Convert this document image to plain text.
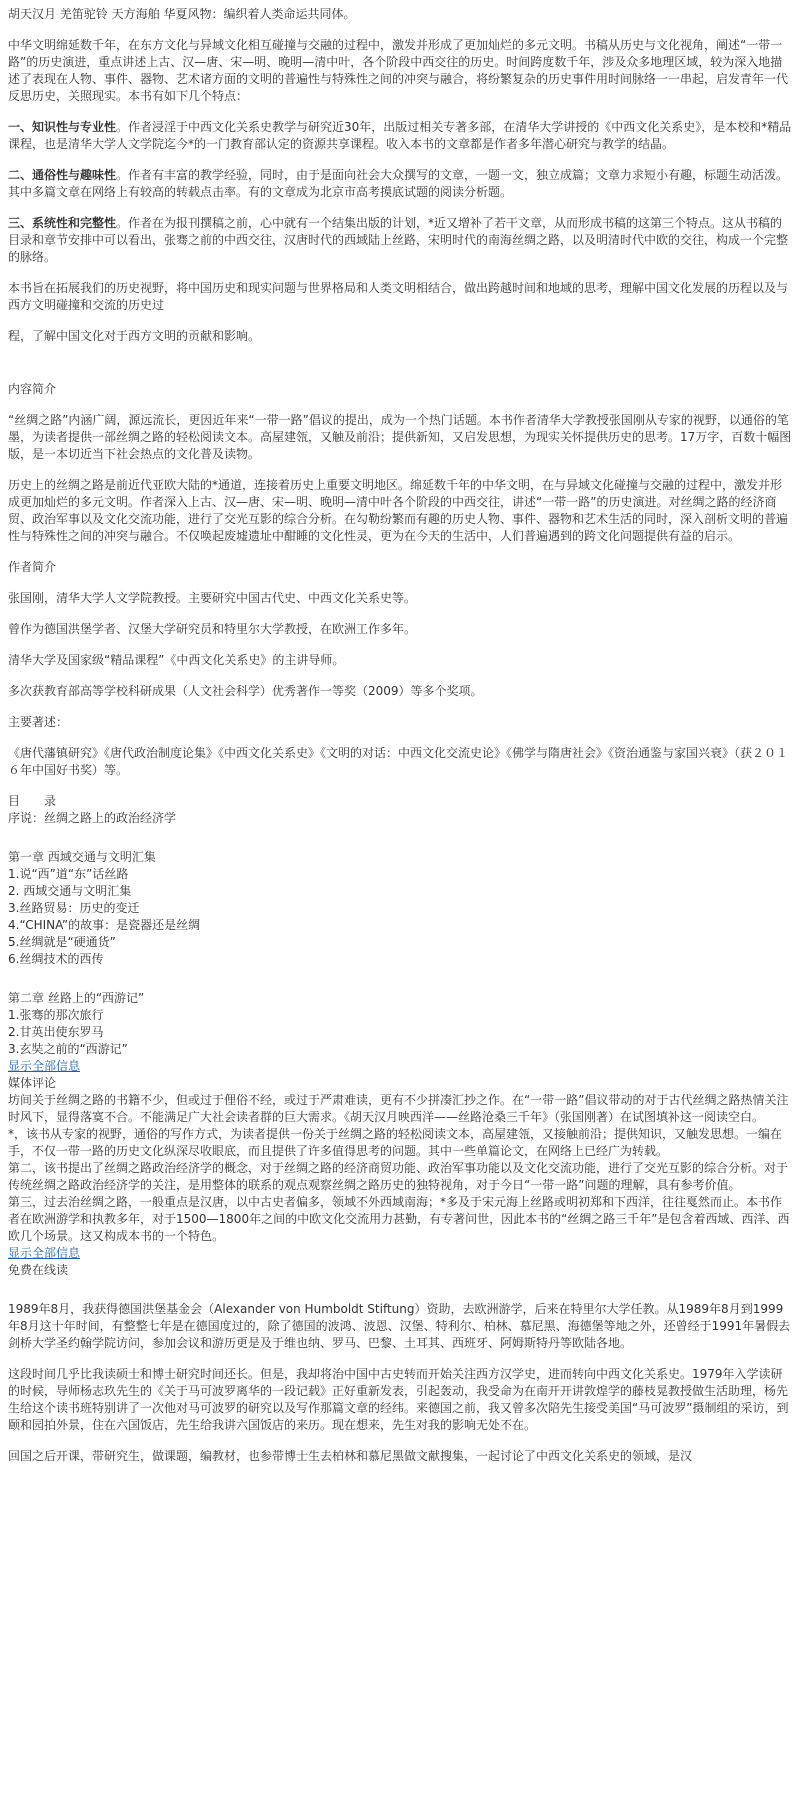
胡天汉月 羌笛驼铃 天方海舶 华夏风物：编织着人类命运共同体。

中华文明绵延数千年，在东方文化与异域文化相互碰撞与交融的过程中，激发并形成了更加灿烂的多元文明。书稿从历史与文化视角，阐述“一带一路”的历史演进，重点讲述上古、汉—唐、宋—明、晚明—清中叶，各个阶段中西交往的历史。时间跨度数千年，涉及众多地理区域，较为深入地描述了表现在人物、事件、器物、艺术诸方面的文明的普遍性与特殊性之间的冲突与融合，将纷繁复杂的历史事件用时间脉络一一串起，启发青年一代反思历史，关照现实。本书有如下几个特点：

一、知识性与专业性。作者浸淫于中西文化关系史教学与研究近30年，出版过相关专著多部，在清华大学讲授的《中西文化关系史》，是本校和*精品课程，也是清华大学人文学院迄今*的一门教育部认定的资源共享课程。收入本书的文章都是作者多年潜心研究与教学的结晶。

二、通俗性与趣味性。作者有丰富的教学经验，同时，由于是面向社会大众撰写的文章，一题一文，独立成篇；文章力求短小有趣，标题生动活泼。其中多篇文章在网络上有较高的转载点击率。有的文章成为北京市高考摸底试题的阅读分析题。

三、系统性和完整性。作者在为报刊撰稿之前，心中就有一个结集出版的计划，*近又增补了若干文章，从而形成书稿的这第三个特点。这从书稿的目录和章节安排中可以看出，张骞之前的中西交往，汉唐时代的西域陆上丝路，宋明时代的南海丝绸之路，以及明清时代中欧的交往，构成一个完整的脉络。

本书旨在拓展我们的历史视野，将中国历史和现实问题与世界格局和人类文明相结合，做出跨越时间和地域的思考，理解中国文化发展的历程以及与西方文明碰撞和交流的历史过

程，了解中国文化对于西方文明的贡献和影响。

内容简介

“丝绸之路”内涵广阔，源远流长，更因近年来“一带一路”倡议的提出，成为一个热门话题。本书作者清华大学教授张国刚从专家的视野，以通俗的笔墨，为读者提供一部丝绸之路的轻松阅读文本。高屋建瓴，又触及前沿；提供新知，又启发思想，为现实关怀提供历史的思考。17万字，百数十幅图版，是一本切近当下社会热点的文化普及读物。

历史上的丝绸之路是前近代亚欧大陆的*通道，连接着历史上重要文明地区。绵延数千年的中华文明，在与异域文化碰撞与交融的过程中，激发并形成更加灿烂的多元文明。作者深入上古、汉—唐、宋—明、晚明—清中叶各个阶段的中西交往，讲述“一带一路”的历史演进。对丝绸之路的经济商贸、政治军事以及文化交流功能，进行了交光互影的综合分析。在勾勒纷繁而有趣的历史人物、事件、器物和艺术生活的同时，深入剖析文明的普遍性与特殊性之间的冲突与融合。不仅唤起废墟遗址中酣睡的文化性灵，更为在今天的生活中，人们普遍遇到的跨文化问题提供有益的启示。

作者简介

张国刚，清华大学人文学院教授。主要研究中国古代史、中西文化关系史等。

曾作为德国洪堡学者、汉堡大学研究员和特里尔大学教授，在欧洲工作多年。

清华大学及国家级“精品课程”《中西文化关系史》的主讲导师。

多次获教育部高等学校科研成果（人文社会科学）优秀著作一等奖（2009）等多个奖项。

主要著述：

《唐代藩镇研究》《唐代政治制度论集》《中西文化关系史》《文明的对话：中西文化交流史论》《佛学与隋唐社会》《资治通鉴与家国兴衰》（获２０１６年中国好书奖）等。

目　　录

序说：丝绸之路上的政治经济学

第一章 西域交通与文明汇集

1.说“西”道“东”话丝路

2. 西域交通与文明汇集

3.丝路贸易：历史的变迁

4.“CHINA”的故事：是瓷器还是丝绸

5.丝绸就是“硬通货”

6.丝绸技术的西传

第二章 丝路上的“西游记”

1.张骞的那次旅行

2.甘英出使东罗马

3.玄奘之前的“西游记”

显示全部信息

媒体评论

坊间关于丝绸之路的书籍不少，但或过于俚俗不经，或过于严肃难读，更有不少拼凑汇抄之作。在“一带一路”倡议带动的对于古代丝绸之路热情关注时风下，显得落寞不合。不能满足广大社会读者群的巨大需求。《胡天汉月映西洋——丝路沧桑三千年》（张国刚著）在试图填补这一阅读空白。

*，该书从专家的视野，通俗的写作方式，为读者提供一份关于丝绸之路的轻松阅读文本，高屋建瓴，又接触前沿；提供知识，又触发思想。一编在手，不仅一带一路的历史文化纵深尽收眼底，而且提供了许多值得思考的问题。其中一些单篇论文，在网络上已经广为转载。

第二，该书提出了丝绸之路政治经济学的概念，对于丝绸之路的经济商贸功能、政治军事功能以及文化交流功能，进行了交光互影的综合分析。对于传统丝绸之路政治经济学的关注，是用整体的联系的观点观察丝绸之路历史的独特视角，对于今日“一带一路”问题的理解，具有参考价值。

第三，过去治丝绸之路，一般重点是汉唐，以中古史者偏多，领域不外西域南海；*多及于宋元海上丝路或明初郑和下西洋，往往戛然而止。本书作者在欧洲游学和执教多年，对于1500—1800年之间的中欧文化交流用力甚勤，有专著问世，因此本书的“丝绸之路三千年”是包含着西域、西洋、西欧几个场景。这又构成本书的一个特色。

显示全部信息

免费在线读

1989年8月，我获得德国洪堡基金会（Alexander von Humboldt Stiftung）资助，去欧洲游学，后来在特里尔大学任教。从1989年8月到1999年8月这十年时间，有整整七年是在德国度过的，除了德国的波鸿、波恩、汉堡、特利尔、柏林、慕尼黑、海德堡等地之外，还曾经于1991年暑假去剑桥大学圣约翰学院访问，参加会议和游历更是及于维也纳、罗马、巴黎、土耳其、西班牙、阿姆斯特丹等欧陆各地。

这段时间几乎比我读硕士和博士研究时间还长。但是，我却将治中国中古史转而开始关注西方汉学史，进而转向中西文化关系史。1979年入学读研的时候，导师杨志玖先生的《关于马可波罗离华的一段记载》正好重新发表，引起轰动，我受命为在南开开讲敦煌学的藤枝晃教授做生活助理，杨先生给这个读书班特别讲了一次他对马可波罗的研究以及写作那篇文章的经纬。来德国之前，我又曾多次陪先生接受美国“马可波罗”摄制组的采访，到颐和园拍外景，住在六国饭店，先生给我讲六国饭店的来历。现在想来，先生对我的影响无处不在。

回国之后开课，带研究生，做课题，编教材，也参带博士生去柏林和慕尼黑做文献搜集，一起讨论了中西文化关系史的领域，是汉
